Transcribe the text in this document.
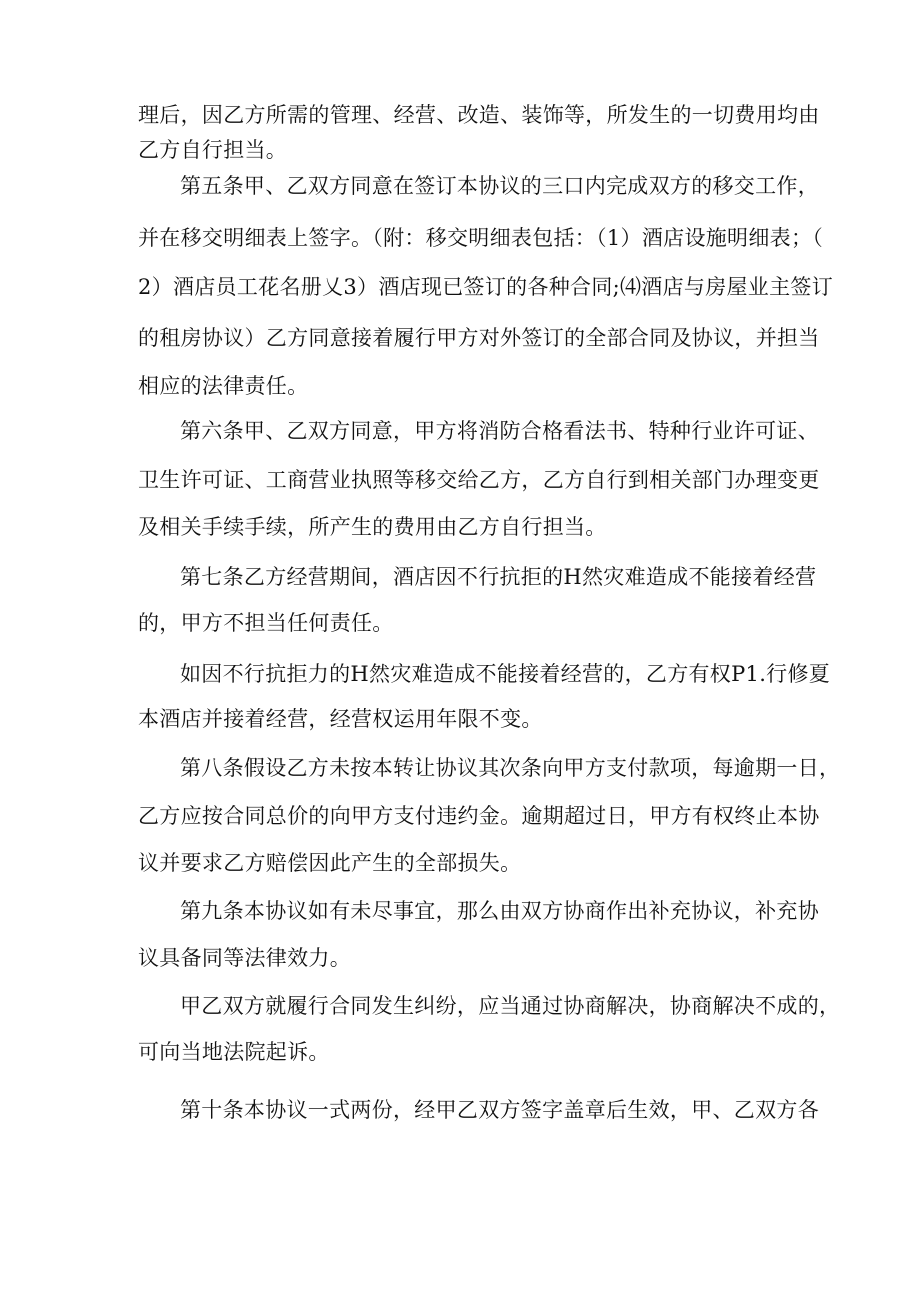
理后，因乙方所需的管理、经营、改造、装饰等，所发生的一切费用均由
乙方自行担当。
第五条甲、乙双方同意在签订本协议的三口内完成双方的移交工作，
并在移交明细表上签字。（附：移交明细表包括：（1）酒店设施明细表；（
2）酒店员工花名册乂3）酒店现已签订的各种合同;⑷酒店与房屋业主签订
的租房协议）乙方同意接着履行甲方对外签订的全部合同及协议，并担当
相应的法律责任。
第六条甲、乙双方同意，甲方将消防合格看法书、特种行业许可证、
卫生许可证、工商营业执照等移交给乙方，乙方自行到相关部门办理变更
及相关手续手续，所产生的费用由乙方自行担当。
第七条乙方经营期间，酒店因不行抗拒的H然灾难造成不能接着经营
的，甲方不担当任何责任。
如因不行抗拒力的H然灾难造成不能接着经营的，乙方有权P1.行修夏
本酒店并接着经营，经营权运用年限不变。
第八条假设乙方未按本转让协议其次条向甲方支付款项，每逾期一日，
乙方应按合同总价的向甲方支付违约金。逾期超过日，甲方有权终止本协
议并要求乙方赔偿因此产生的全部损失。
第九条本协议如有未尽事宜，那么由双方协商作出补充协议，补充协
议具备同等法律效力。
甲乙双方就履行合同发生纠纷，应当通过协商解决，协商解决不成的，
可向当地法院起诉。
第十条本协议一式两份，经甲乙双方签字盖章后生效，甲、乙双方各
